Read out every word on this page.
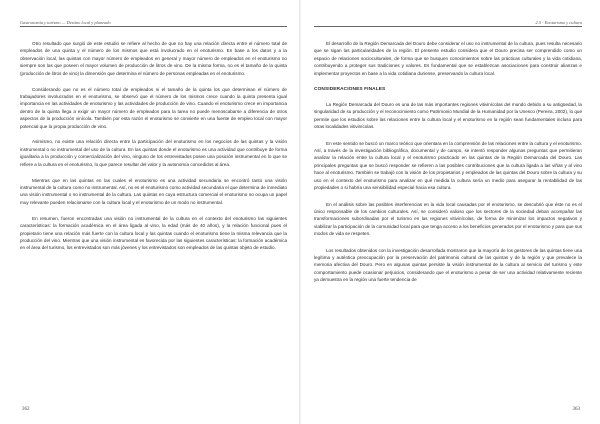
Gastronomía y turismo — Destino local y planeado

Otro resultado que surgió de este estudio se refiere al hecho de que no hay una relación directa entre el número total de empleados de una quinta y el número de los mismos que está involucrado en el enoturismo. En base a los datos y a la observación local, las quintas con mayor número de empleados en general y mayor número de empleados en el enoturismo no siempre son las que poseen el mayor volumen de producción de litros de vino. De la misma forma, no es el tamaño de la quinta (producción de litros de vino) la dimensión que determina el número de personas empleadas en el enoturismo.

Considerando que no es el número total de empleados ni el tamaño de la quinta los que determinan el número de trabajadores involucrados en el enoturismo, se observó que el número de los mismos crece cuando la quinta presenta igual importancia en las actividades de enoturismo y las actividades de producción de vino. Cuando el enoturismo crece en importancia dentro de la quinta llega a exigir un mayor número de empleados para la tarea no puede menoscabarse a diferencia de otros aspectos de la producción vinícola. También por esta razón el enoturismo se convierte en una fuente de empleo local con mayor potencial que la propia producción de vino.

Asimismo, no existe una relación directa entre la participación del enoturismo en los negocios de las quintas y la visión instrumental o no instrumental del uso de la cultura. En las quintas donde el enoturismo es una actividad que contribuye de forma igualitaria a la producción y comercialización del vino, ninguno de los entrevistados posee una posición instrumental en lo que se refiere a la cultura en el enoturismo, lo que parece resultar del valor y la autonomía concedidos al área.

Mientras que en las quintas en las cuales el enoturismo es una actividad secundaria se encontró tanto una visión instrumental de la cultura como no instrumental. Así, no es el enoturismo como actividad secundaria el que determina de inmediato una visión instrumental o no instrumental de la cultura. Las quintas en cuya estructura comercial el enoturismo no ocupa un papel muy relevante pueden relacionarse con la cultura local y el enoturismo de un modo no instrumental.

En resumen, fueron encontradas una visión no instrumental de la cultura en el contexto del enoturismo las siguientes características: la formación académica en el área ligada al vino, la edad (más de 40 años), y la relación funcional pues el propietario tiene una relación más fuerte con la cultura local y las quintas cuando el enoturismo tiene la misma relevancia que la producción del vino. Mientras que una visión instrumental es favorecida por las siguientes características: la formación académica en el área del turismo, los entrevistados son más jóvenes y los entrevistados son empleados de las quintas objeto de estudio.

362
2.5 - Enoturismo y cultura

El desarrollo de la Región Demarcada del Douro debe considerar el uso no instrumental de la cultura, pues resulta necesario que se sigan las particularidades de la región. El presente estudio considera que el Douro precisa ser comprendido como un espacio de relaciones socioculturales, de forma que se busquen conocimientos sobre las prácticas culturales y la vida cotidiana, contribuyendo a proteger sus tradiciones y valores. Es fundamental que se establezcan asociaciones para construir alianzas e implementar proyectos en base a la vida cotidiana duriense, preservando la cultura local.

CONSIDERACIONES FINALES

La Región Demarcada del Douro es una de las más importantes regiones vitivinícolas del mundo debido a su antigüedad, la singularidad de su producción y el reconocimiento como Patrimonio Mundial de la Humanidad por la Unesco (Pereira, 2002), lo que permite que los estudios sobre las relaciones entre la cultura local y el enoturismo en la región sean fundamentales incluso para otras localidades vitivinícolas.

En este sentido se buscó un marco teórico que orientara en la comprensión de las relaciones entre la cultura y el enoturismo. Así, a través de la investigación bibliográfica, documental y de campo, se intentó responder algunas preguntas que permitieran analizar la relación entre la cultura local y el enoturismo practicado en las quintas de la Región Demarcada del Douro. Las principales preguntas que se buscó responder se refieren a las posibles contribuciones que la cultura ligada a las viñas y al vino hace al enoturismo. También se trabajó con la visión de los propietarios y empleados de las quintas del Douro sobre la cultura y su uso en el contexto del enoturismo para analizar en qué medida la cultura sería un medio para asegurar la rentabilidad de las propiedades o si habría una sensibilidad especial hacia esa cultura.

En el análisis sobre las posibles interferencias en la vida local causadas por el enoturismo, se descubrió que éste no es el único responsable de los cambios culturales. Así, se consideró valioso que los sectores de la sociedad deban acompañar las transformaciones subordinadas por el turismo en las regiones vitivinícolas, de forma de minimizar los impactos negativos y viabilizar la participación de la comunidad local para que tenga acceso a los beneficios generados por el enoturismo y para que sus modos de vida se respeten.

Los resultados obtenidos con la investigación desarrollada mostraron que la mayoría de los gestores de las quintas tiene una legítima y auténtica preocupación por la preservación del patrimonio cultural de las quintas y de la región y que prevalece la memoria afectiva del Douro. Pero en algunas quintas persiste la visión instrumental de la cultura al servicio del turismo y este comportamiento puede ocasionar perjuicios, considerando que el enoturismo a pesar de ser una actividad relativamente reciente ya demuestra en la región una fuerte tendencia de

363
